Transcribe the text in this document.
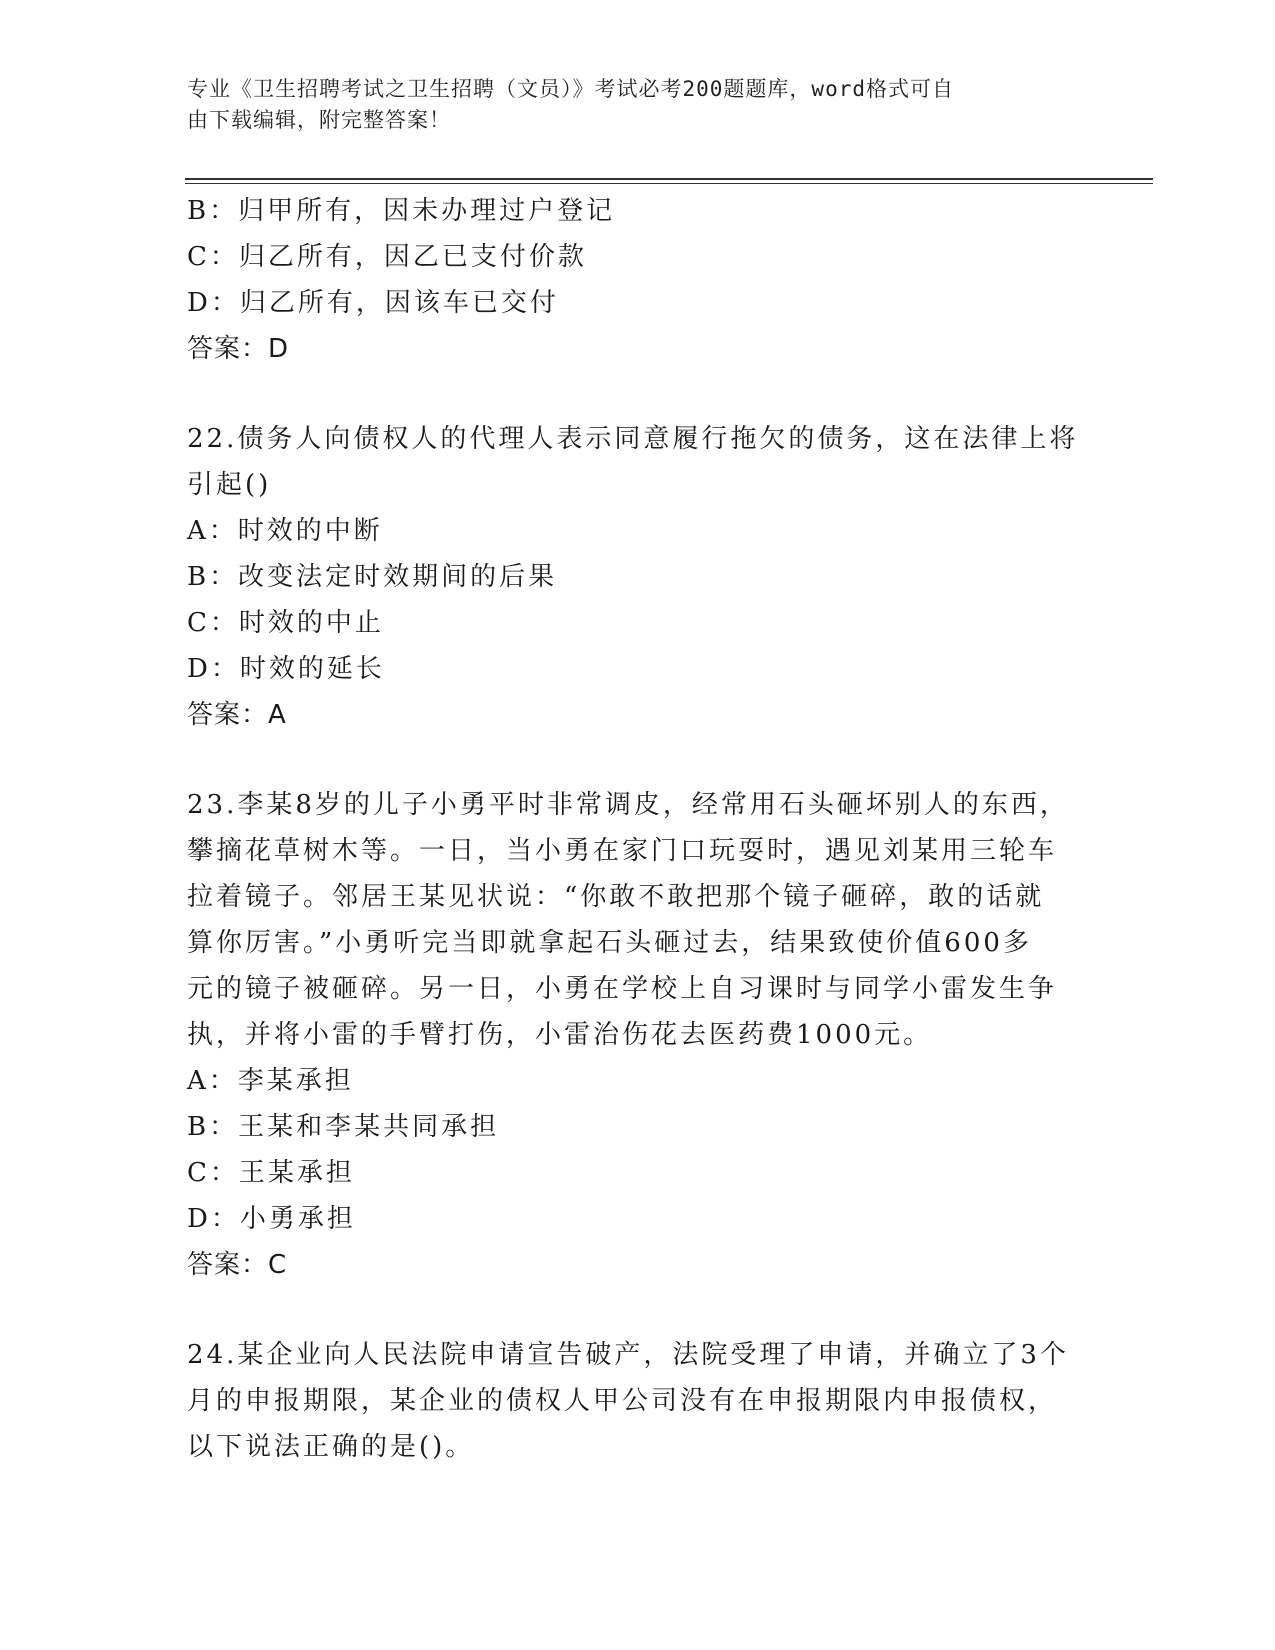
专业《卫生招聘考试之卫生招聘（文员）》考试必考200题题库，word格式可自
由下载编辑，附完整答案！
B：归甲所有，因未办理过户登记
C：归乙所有，因乙已支付价款
D：归乙所有，因该车已交付
答案：D
22.债务人向债权人的代理人表示同意履行拖欠的债务，这在法律上将
引起()
A：时效的中断
B：改变法定时效期间的后果
C：时效的中止
D：时效的延长
答案：A
23.李某8岁的儿子小勇平时非常调皮，经常用石头砸坏别人的东西，
攀摘花草树木等。一日，当小勇在家门口玩耍时，遇见刘某用三轮车
拉着镜子。邻居王某见状说：“你敢不敢把那个镜子砸碎，敢的话就
算你厉害。”小勇听完当即就拿起石头砸过去，结果致使价值600多
元的镜子被砸碎。另一日，小勇在学校上自习课时与同学小雷发生争
执，并将小雷的手臂打伤，小雷治伤花去医药费1000元。
A：李某承担
B：王某和李某共同承担
C：王某承担
D：小勇承担
答案：C
24.某企业向人民法院申请宣告破产，法院受理了申请，并确立了3个
月的申报期限，某企业的债权人甲公司没有在申报期限内申报债权，
以下说法正确的是()。
